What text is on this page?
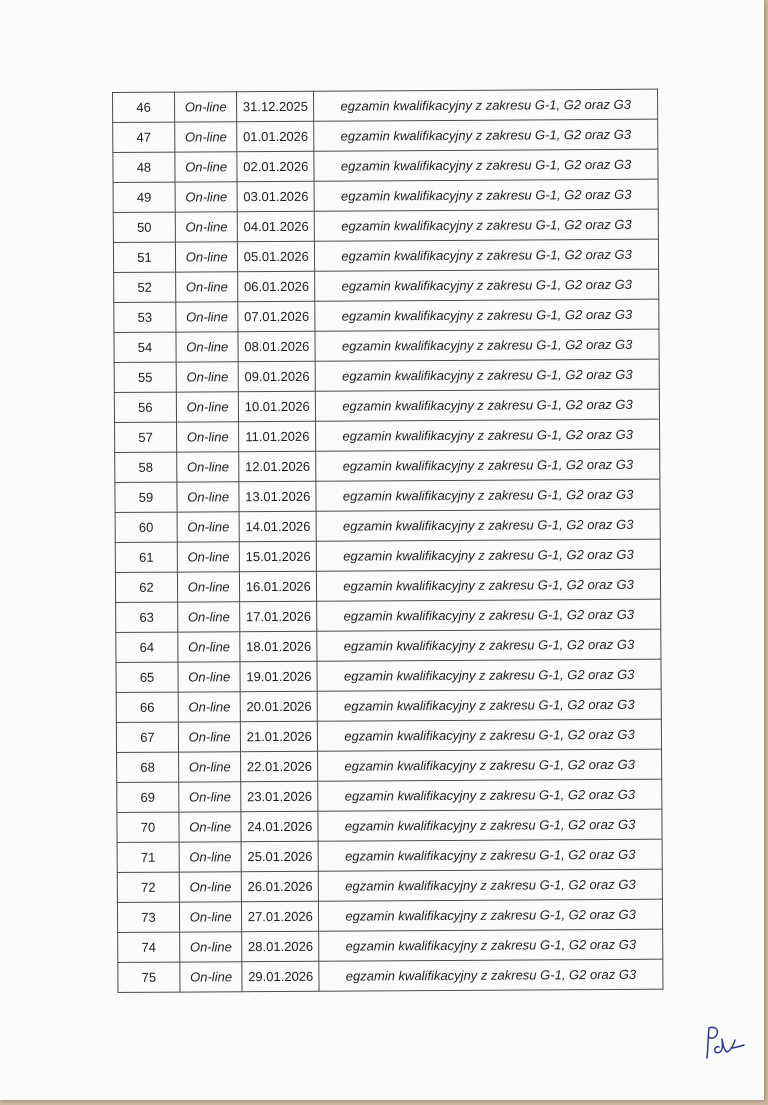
46	On-line	31.12.2025	egzamin kwalifikacyjny z zakresu G-1, G2 oraz G3
47	On-line	01.01.2026	egzamin kwalifikacyjny z zakresu G-1, G2 oraz G3
48	On-line	02.01.2026	egzamin kwalifikacyjny z zakresu G-1, G2 oraz G3
49	On-line	03.01.2026	egzamin kwalifikacyjny z zakresu G-1, G2 oraz G3
50	On-line	04.01.2026	egzamin kwalifikacyjny z zakresu G-1, G2 oraz G3
51	On-line	05.01.2026	egzamin kwalifikacyjny z zakresu G-1, G2 oraz G3
52	On-line	06.01.2026	egzamin kwalifikacyjny z zakresu G-1, G2 oraz G3
53	On-line	07.01.2026	egzamin kwalifikacyjny z zakresu G-1, G2 oraz G3
54	On-line	08.01.2026	egzamin kwalifikacyjny z zakresu G-1, G2 oraz G3
55	On-line	09.01.2026	egzamin kwalifikacyjny z zakresu G-1, G2 oraz G3
56	On-line	10.01.2026	egzamin kwalifikacyjny z zakresu G-1, G2 oraz G3
57	On-line	11.01.2026	egzamin kwalifikacyjny z zakresu G-1, G2 oraz G3
58	On-line	12.01.2026	egzamin kwalifikacyjny z zakresu G-1, G2 oraz G3
59	On-line	13.01.2026	egzamin kwalifikacyjny z zakresu G-1, G2 oraz G3
60	On-line	14.01.2026	egzamin kwalifikacyjny z zakresu G-1, G2 oraz G3
61	On-line	15.01.2026	egzamin kwalifikacyjny z zakresu G-1, G2 oraz G3
62	On-line	16.01.2026	egzamin kwalifikacyjny z zakresu G-1, G2 oraz G3
63	On-line	17.01.2026	egzamin kwalifikacyjny z zakresu G-1, G2 oraz G3
64	On-line	18.01.2026	egzamin kwalifikacyjny z zakresu G-1, G2 oraz G3
65	On-line	19.01.2026	egzamin kwalifikacyjny z zakresu G-1, G2 oraz G3
66	On-line	20.01.2026	egzamin kwalifikacyjny z zakresu G-1, G2 oraz G3
67	On-line	21.01.2026	egzamin kwalifikacyjny z zakresu G-1, G2 oraz G3
68	On-line	22.01.2026	egzamin kwalifikacyjny z zakresu G-1, G2 oraz G3
69	On-line	23.01.2026	egzamin kwalifikacyjny z zakresu G-1, G2 oraz G3
70	On-line	24.01.2026	egzamin kwalifikacyjny z zakresu G-1, G2 oraz G3
71	On-line	25.01.2026	egzamin kwalifikacyjny z zakresu G-1, G2 oraz G3
72	On-line	26.01.2026	egzamin kwalifikacyjny z zakresu G-1, G2 oraz G3
73	On-line	27.01.2026	egzamin kwalifikacyjny z zakresu G-1, G2 oraz G3
74	On-line	28.01.2026	egzamin kwalifikacyjny z zakresu G-1, G2 oraz G3
75	On-line	29.01.2026	egzamin kwalifikacyjny z zakresu G-1, G2 oraz G3
